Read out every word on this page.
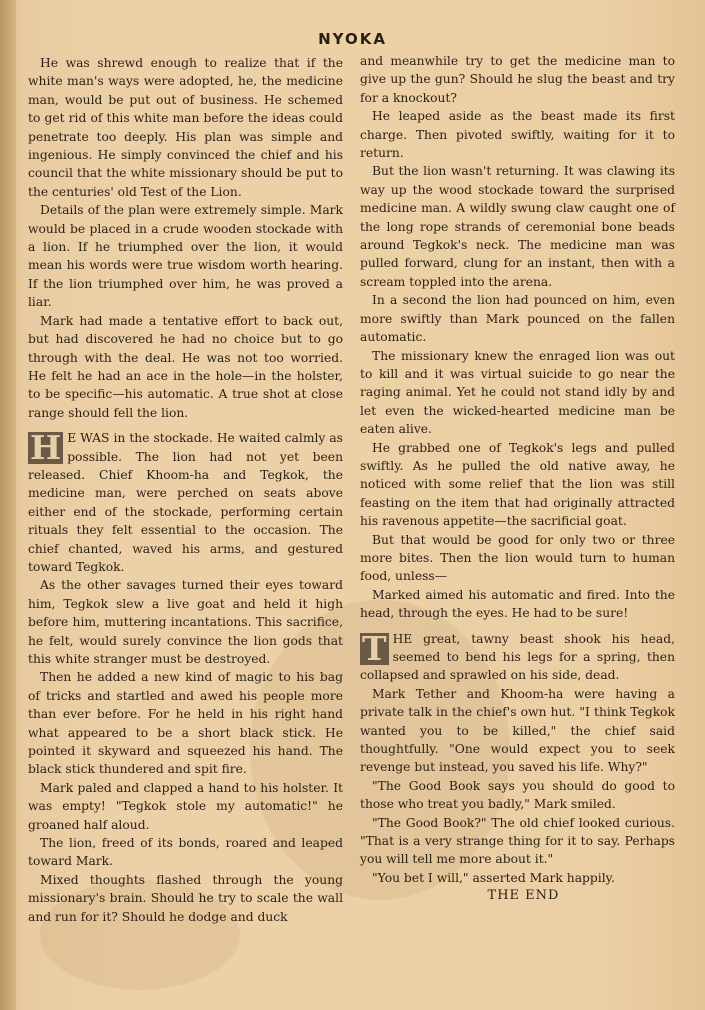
NYOKA

He was shrewd enough to realize that if the white man's ways were adopted, he, the medicine man, would be put out of business. He schemed to get rid of this white man before the ideas could penetrate too deeply. His plan was simple and ingenious. He simply convinced the chief and his council that the white missionary should be put to the centuries' old Test of the Lion.

Details of the plan were extremely simple. Mark would be placed in a crude wooden stockade with a lion. If he triumphed over the lion, it would mean his words were true wisdom worth hearing. If the lion triumphed over him, he was proved a liar.

Mark had made a tentative effort to back out, but had discovered he had no choice but to go through with the deal. He was not too worried. He felt he had an ace in the hole—in the holster, to be specific—his automatic. A true shot at close range should fell the lion.

H E WAS in the stockade. He waited calmly as possible. The lion had not yet been released. Chief Khoom-ha and Tegkok, the medicine man, were perched on seats above either end of the stockade, performing certain rituals they felt essential to the occasion. The chief chanted, waved his arms, and gestured toward Tegkok.

As the other savages turned their eyes toward him, Tegkok slew a live goat and held it high before him, muttering incantations. This sacrifice, he felt, would surely convince the lion gods that this white stranger must be destroyed.

Then he added a new kind of magic to his bag of tricks and startled and awed his people more than ever before. For he held in his right hand what appeared to be a short black stick. He pointed it skyward and squeezed his hand. The black stick thundered and spit fire.

Mark paled and clapped a hand to his holster. It was empty! "Tegkok stole my automatic!" he groaned half aloud.

The lion, freed of its bonds, roared and leaped toward Mark.

Mixed thoughts flashed through the young missionary's brain. Should he try to scale the wall and run for it? Should he dodge and duck

and meanwhile try to get the medicine man to give up the gun? Should he slug the beast and try for a knockout?

He leaped aside as the beast made its first charge. Then pivoted swiftly, waiting for it to return.

But the lion wasn't returning. It was clawing its way up the wood stockade toward the surprised medicine man. A wildly swung claw caught one of the long rope strands of ceremonial bone beads around Tegkok's neck. The medicine man was pulled forward, clung for an instant, then with a scream toppled into the arena.

In a second the lion had pounced on him, even more swiftly than Mark pounced on the fallen automatic.

The missionary knew the enraged lion was out to kill and it was virtual suicide to go near the raging animal. Yet he could not stand idly by and let even the wicked-hearted medicine man be eaten alive.

He grabbed one of Tegkok's legs and pulled swiftly. As he pulled the old native away, he noticed with some relief that the lion was still feasting on the item that had originally attracted his ravenous appetite—the sacrificial goat.

But that would be good for only two or three more bites. Then the lion would turn to human food, unless—

Marked aimed his automatic and fired. Into the head, through the eyes. He had to be sure!

T HE great, tawny beast shook his head, seemed to bend his legs for a spring, then collapsed and sprawled on his side, dead.

Mark Tether and Khoom-ha were having a private talk in the chief's own hut. "I think Tegkok wanted you to be killed," the chief said thoughtfully. "One would expect you to seek revenge but instead, you saved his life. Why?"

"The Good Book says you should do good to those who treat you badly," Mark smiled.

"The Good Book?" The old chief looked curious. "That is a very strange thing for it to say. Perhaps you will tell me more about it."

"You bet I will," asserted Mark happily.

THE END
